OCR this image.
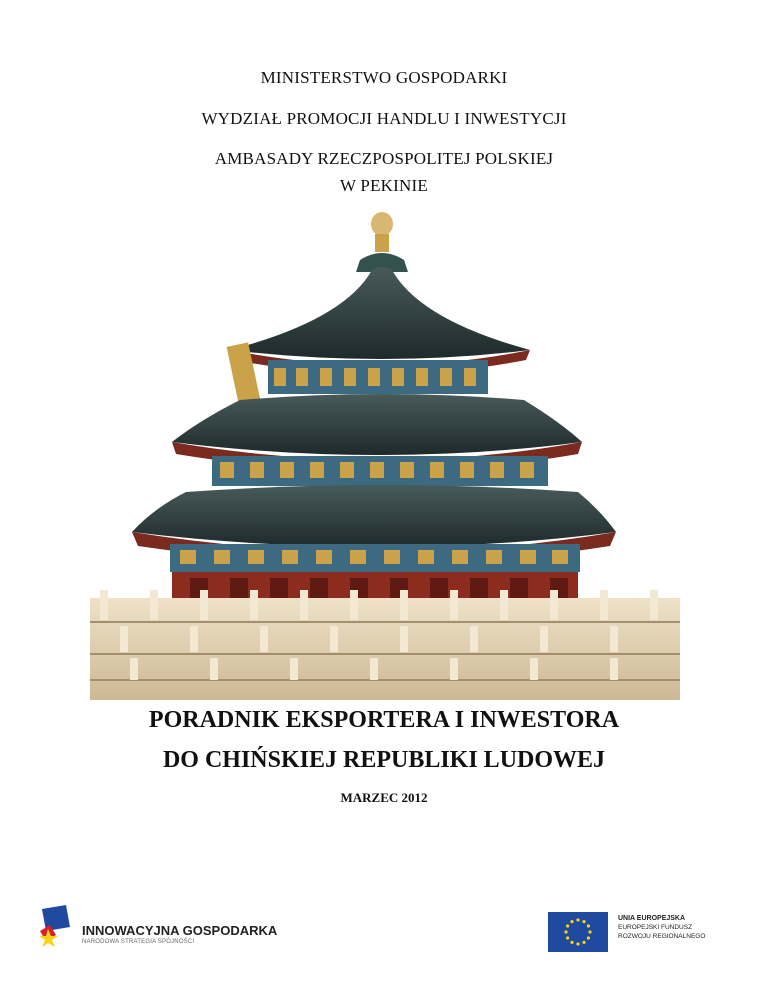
MINISTERSTWO GOSPODARKI
WYDZIAŁ PROMOCJI HANDLU I INWESTYCJI
AMBASADY RZECZPOSPOLITEJ POLSKIEJ
W PEKINIE
PORADNIK EKSPORTERA I INWESTORA
DO CHIŃSKIEJ REPUBLIKI LUDOWEJ
MARZEC 2012
INNOWACYJNA GOSPODARKA
NARODOWA STRATEGIA SPÓJNOŚCI
UNIA EUROPEJSKA
EUROPEJSKI FUNDUSZ
ROZWOJU REGIONALNEGO
